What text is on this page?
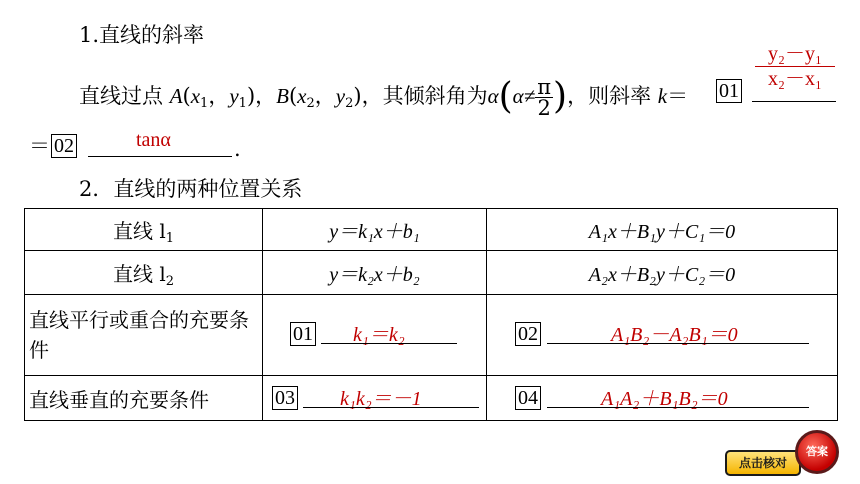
1.直线的斜率
直线过点 $A(x_1$，$y_1$)，$B(x_2$，$y_2$)，其倾斜角为$\alpha(\alpha\ne \frac{\pi}{2}$ )，则斜率 $k= 01 \frac{\text{y₂－y₁}}{\text{x₂－x₁}}$
＝ 02	tanα	.
2．直线的两种位置关系
直线 $l_1$	y＝k₁x＋b₁	A₁x＋B₁y＋C₁＝0
直线 $l_2$	y＝k₂x＋b₂	A₂x＋B₂y＋C₂＝0
直线平行或重合的充要条件	01 k₁＝k₂	02 A₁B₂－A₂B₁＝0

直线垂直的充要条件	03 k₁k₂＝－1	04 A₁A₂＋B₁B₂＝0
点击核对
答案
